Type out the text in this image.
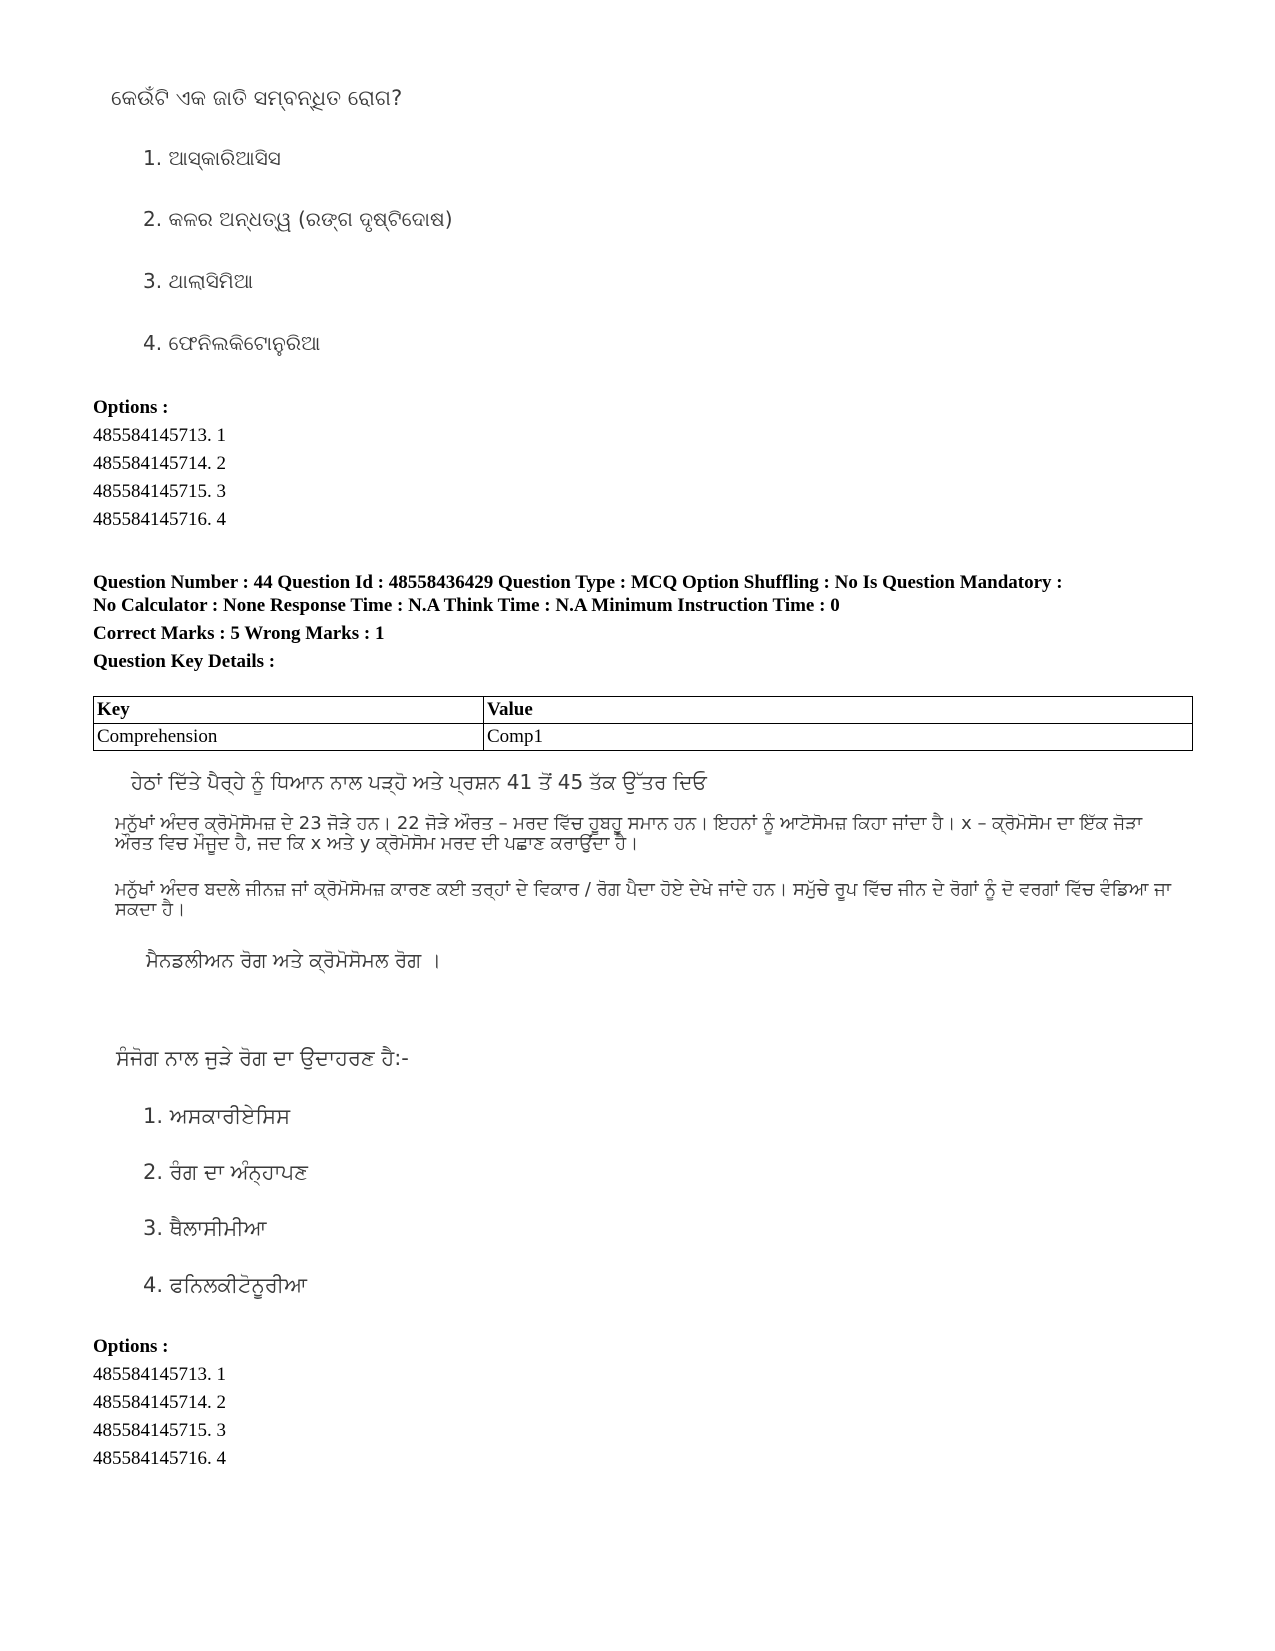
କେଉଁଟି ଏକ ଜାତି ସମ୍ବନ୍ଧିତ ରୋଗ?
1. ଆସ୍କାରିଆସିସ
2. କଳର ଅନ୍ଧତ୍ୱ (ରଙ୍ଗ ଦୃଷ୍ଟିଦୋଷ)
3. ଥାଲାସିମିଆ
4. ଫେନିଲକିଟୋନୁରିଆ
Options :
485584145713. 1
485584145714. 2
485584145715. 3
485584145716. 4
Question Number : 44 Question Id : 48558436429 Question Type : MCQ Option Shuffling : No Is Question Mandatory :
No Calculator : None Response Time : N.A Think Time : N.A Minimum Instruction Time : 0
Correct Marks : 5 Wrong Marks : 1
Question Key Details :
Key	Value
Comprehension	Comp1
ਹੇਠਾਂ ਦਿੱਤੇ ਪੈਰ੍ਹੇ ਨੂੰ ਧਿਆਨ ਨਾਲ ਪੜ੍ਹੋ ਅਤੇ ਪ੍ਰਸ਼ਨ 41 ਤੋਂ 45 ਤੱਕ ਉੱਤਰ ਦਿਓ
ਮਨੁੱਖਾਂ ਅੰਦਰ ਕ੍ਰੋਮੋਸੋਮਜ਼ ਦੇ 23 ਜੋੜੇ ਹਨ। 22 ਜੋੜੇ ਔਰਤ – ਮਰਦ ਵਿੱਚ ਹੂਬਹੂ ਸਮਾਨ ਹਨ। ਇਹਨਾਂ ਨੂੰ ਆਟੋਸੋਮਜ਼ ਕਿਹਾ ਜਾਂਦਾ ਹੈ। x – ਕ੍ਰੋਮੋਸੋਮ ਦਾ ਇੱਕ ਜੋੜਾ ਔਰਤ ਵਿਚ ਮੌਜੂਦ ਹੈ, ਜਦ ਕਿ x ਅਤੇ y ਕ੍ਰੋਮੋਸੋਮ ਮਰਦ ਦੀ ਪਛਾਣ ਕਰਾਉਂਦਾ ਹੈ।
ਮਨੁੱਖਾਂ ਅੰਦਰ ਬਦਲੇ ਜੀਨਜ਼ ਜਾਂ ਕ੍ਰੋਮੋਸੋਮਜ਼ ਕਾਰਣ ਕਈ ਤਰ੍ਹਾਂ ਦੇ ਵਿਕਾਰ / ਰੋਗ ਪੈਦਾ ਹੋਏ ਦੇਖੇ ਜਾਂਦੇ ਹਨ। ਸਮੁੱਚੇ ਰੂਪ ਵਿੱਚ ਜੀਨ ਦੇ ਰੋਗਾਂ ਨੂੰ ਦੋ ਵਰਗਾਂ ਵਿੱਚ ਵੰਡਿਆ ਜਾ ਸਕਦਾ ਹੈ।
ਮੈਨਡਲੀਅਨ ਰੋਗ ਅਤੇ ਕ੍ਰੋਮੋਸੋਮਲ ਰੋਗ ।
ਸੰਜੋਗ ਨਾਲ ਜੁੜੇ ਰੋਗ ਦਾ ਉਦਾਹਰਣ ਹੈ:-
1. ਅਸਕਾਰੀਏਸਿਸ
2. ਰੰਗ ਦਾ ਅੰਨ੍ਹਾਪਣ
3. ਥੈਲਾਸੀਮੀਆ
4. ਫਨਿਲਕੀਟੋਨੂਰੀਆ
Options :
485584145713. 1
485584145714. 2
485584145715. 3
485584145716. 4
